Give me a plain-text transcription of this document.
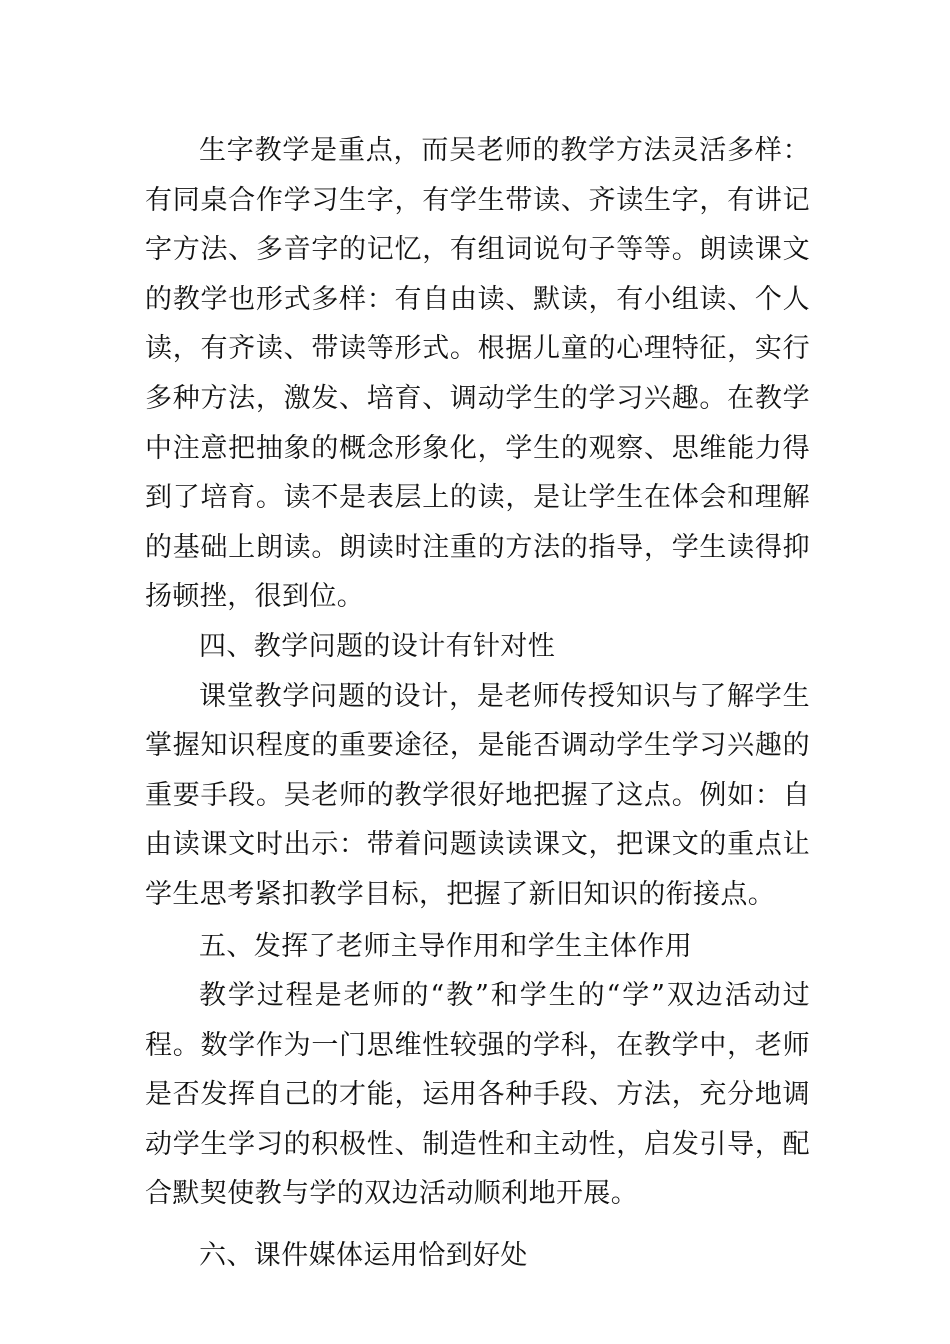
生字教学是重点，而吴老师的教学方法灵活多样：有同桌合作学习生字，有学生带读、齐读生字，有讲记字方法、多音字的记忆，有组词说句子等等。朗读课文的教学也形式多样：有自由读、默读，有小组读、个人读，有齐读、带读等形式。根据儿童的心理特征，实行多种方法，激发、培育、调动学生的学习兴趣。在教学中注意把抽象的概念形象化，学生的观察、思维能力得到了培育。读不是表层上的读，是让学生在体会和理解的基础上朗读。朗读时注重的方法的指导，学生读得抑扬顿挫，很到位。

四、教学问题的设计有针对性

课堂教学问题的设计，是老师传授知识与了解学生掌握知识程度的重要途径，是能否调动学生学习兴趣的重要手段。吴老师的教学很好地把握了这点。例如：自由读课文时出示：带着问题读读课文，把课文的重点让学生思考紧扣教学目标，把握了新旧知识的衔接点。

五、发挥了老师主导作用和学生主体作用

教学过程是老师的“教”和学生的“学”双边活动过程。数学作为一门思维性较强的学科，在教学中，老师是否发挥自己的才能，运用各种手段、方法，充分地调动学生学习的积极性、制造性和主动性，启发引导，配合默契使教与学的双边活动顺利地开展。

六、课件媒体运用恰到好处
